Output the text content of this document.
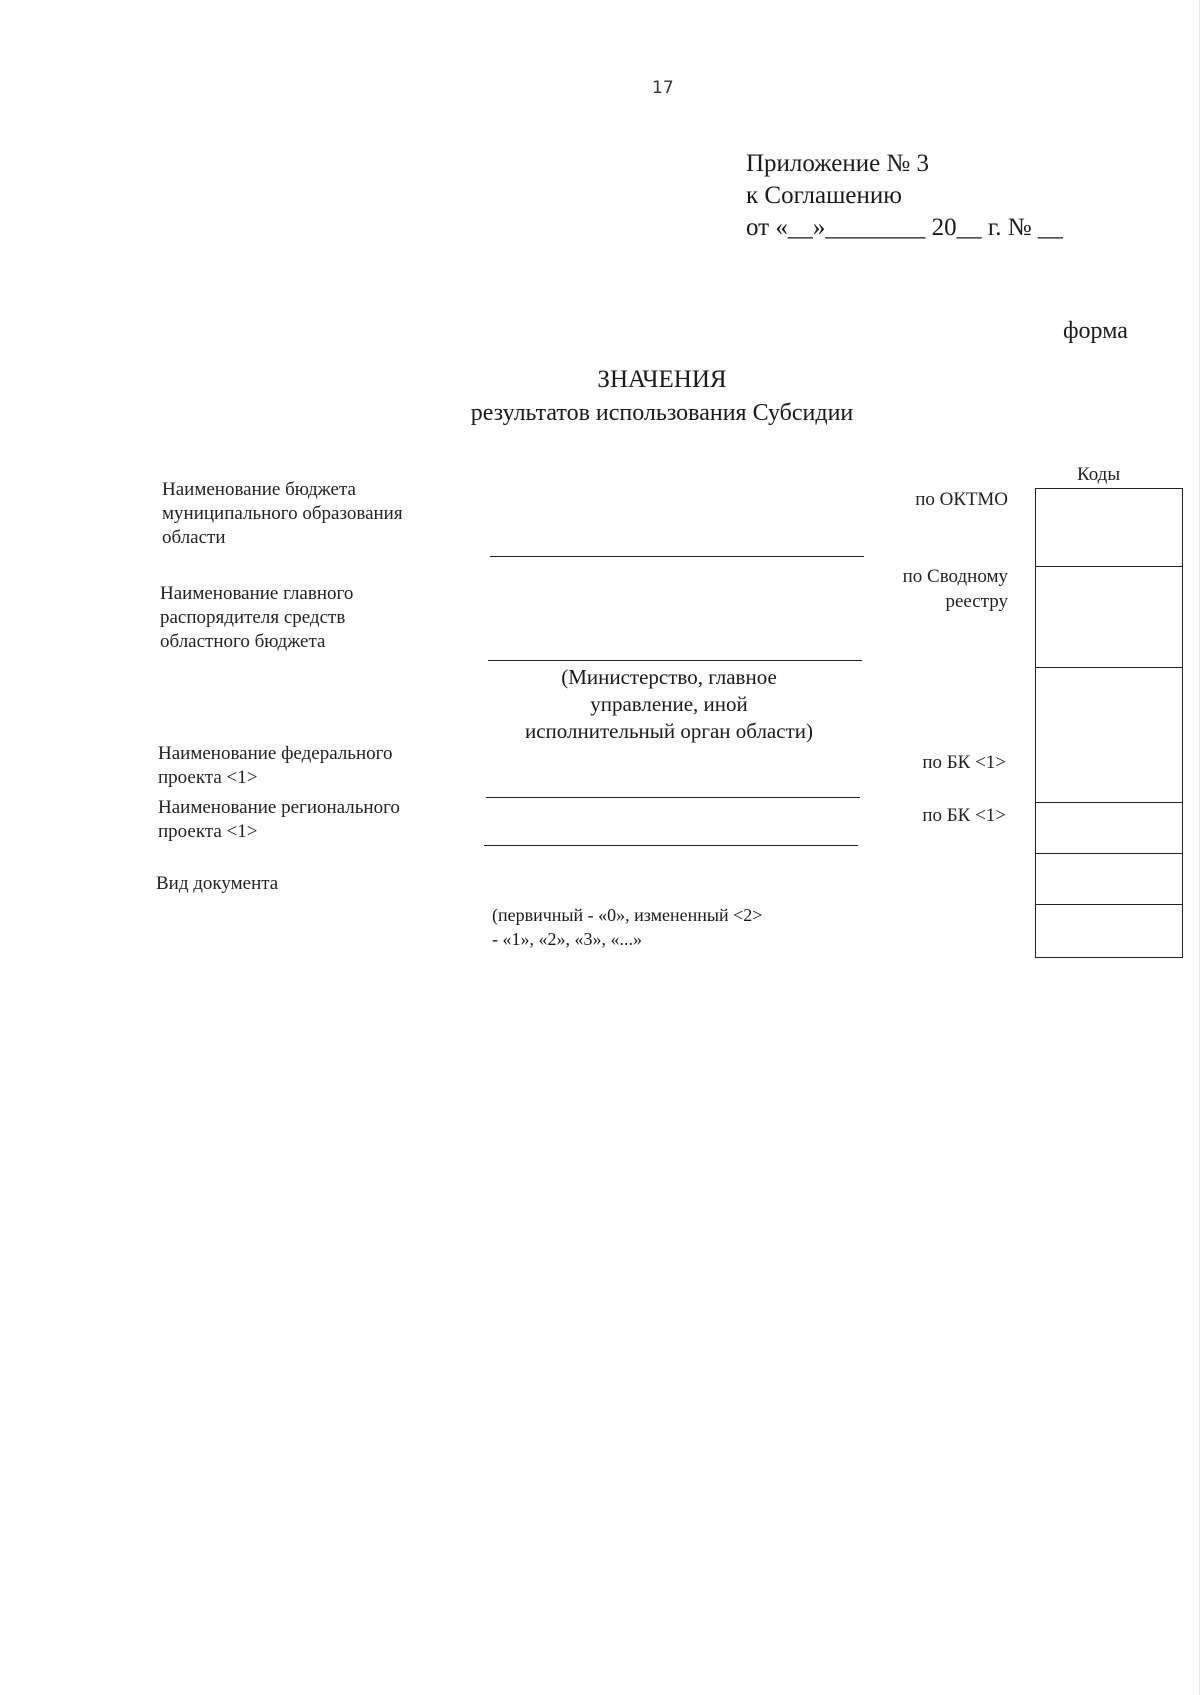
17
Приложение № 3
к Соглашению
от «__»________ 20__ г. № __
форма
ЗНАЧЕНИЯ
результатов использования Субсидии
Наименование бюджета
муниципального образования
области
Наименование главного
распорядителя средств
областного бюджета
(Министерство, главное
управление, иной
исполнительный орган области)
Наименование федерального
проекта <1>
Наименование регионального
проекта <1>
Вид документа
(первичный - «0», измененный <2>
- «1», «2», «3», «...»
по ОКТМО
по Сводному
реестру
по БК <1>
по БК <1>
Коды
